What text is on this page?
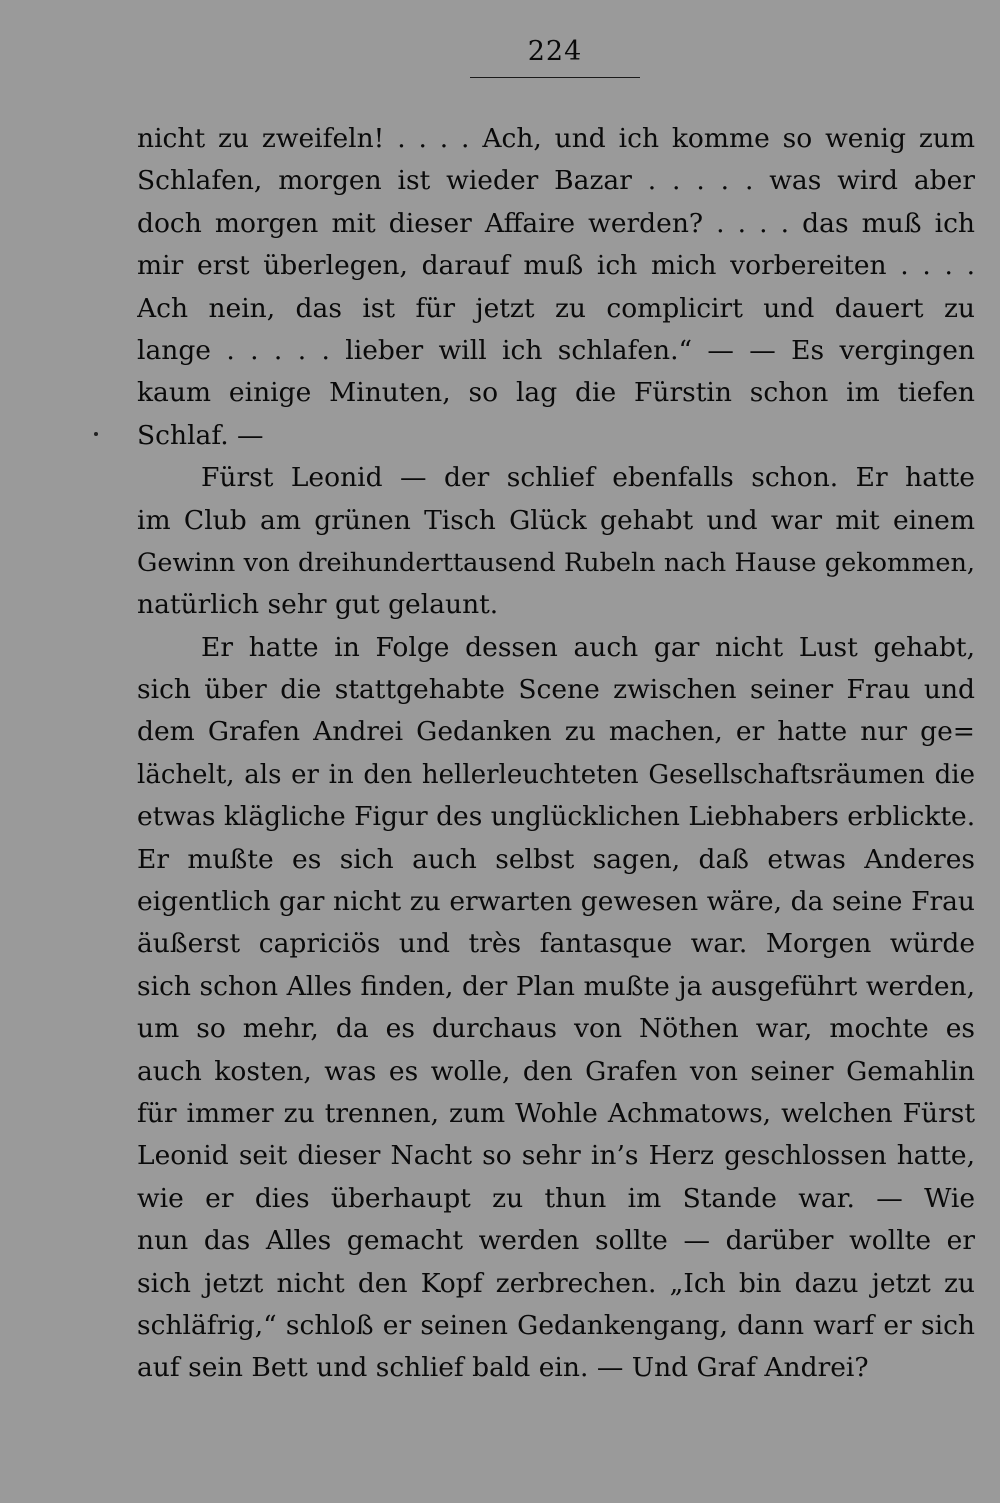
224
nicht zu zweifeln! . . . . Ach, und ich komme so wenig zum
Schlafen, morgen ist wieder Bazar . . . . . was wird aber
doch morgen mit dieser Affaire werden? . . . . das muß ich
mir erst überlegen, darauf muß ich mich vorbereiten . . . .
Ach nein, das ist für jetzt zu complicirt und dauert zu
lange . . . . . lieber will ich schlafen.“ — — Es vergingen
kaum einige Minuten, so lag die Fürstin schon im tiefen
Schlaf. —
Fürst Leonid — der schlief ebenfalls schon. Er hatte
im Club am grünen Tisch Glück gehabt und war mit einem
Gewinn von dreihunderttausend Rubeln nach Hause gekommen,
natürlich sehr gut gelaunt.
Er hatte in Folge dessen auch gar nicht Lust gehabt,
sich über die stattgehabte Scene zwischen seiner Frau und
dem Grafen Andrei Gedanken zu machen, er hatte nur ge=
lächelt, als er in den hellerleuchteten Gesellschaftsräumen die
etwas klägliche Figur des unglücklichen Liebhabers erblickte.
Er mußte es sich auch selbst sagen, daß etwas Anderes
eigentlich gar nicht zu erwarten gewesen wäre, da seine Frau
äußerst capriciös und très fantasque war. Morgen würde
sich schon Alles finden, der Plan mußte ja ausgeführt werden,
um so mehr, da es durchaus von Nöthen war, mochte es
auch kosten, was es wolle, den Grafen von seiner Gemahlin
für immer zu trennen, zum Wohle Achmatows, welchen Fürst
Leonid seit dieser Nacht so sehr in’s Herz geschlossen hatte,
wie er dies überhaupt zu thun im Stande war. — Wie
nun das Alles gemacht werden sollte — darüber wollte er
sich jetzt nicht den Kopf zerbrechen. „Ich bin dazu jetzt zu
schläfrig,“ schloß er seinen Gedankengang, dann warf er sich
auf sein Bett und schlief bald ein. — Und Graf Andrei?
